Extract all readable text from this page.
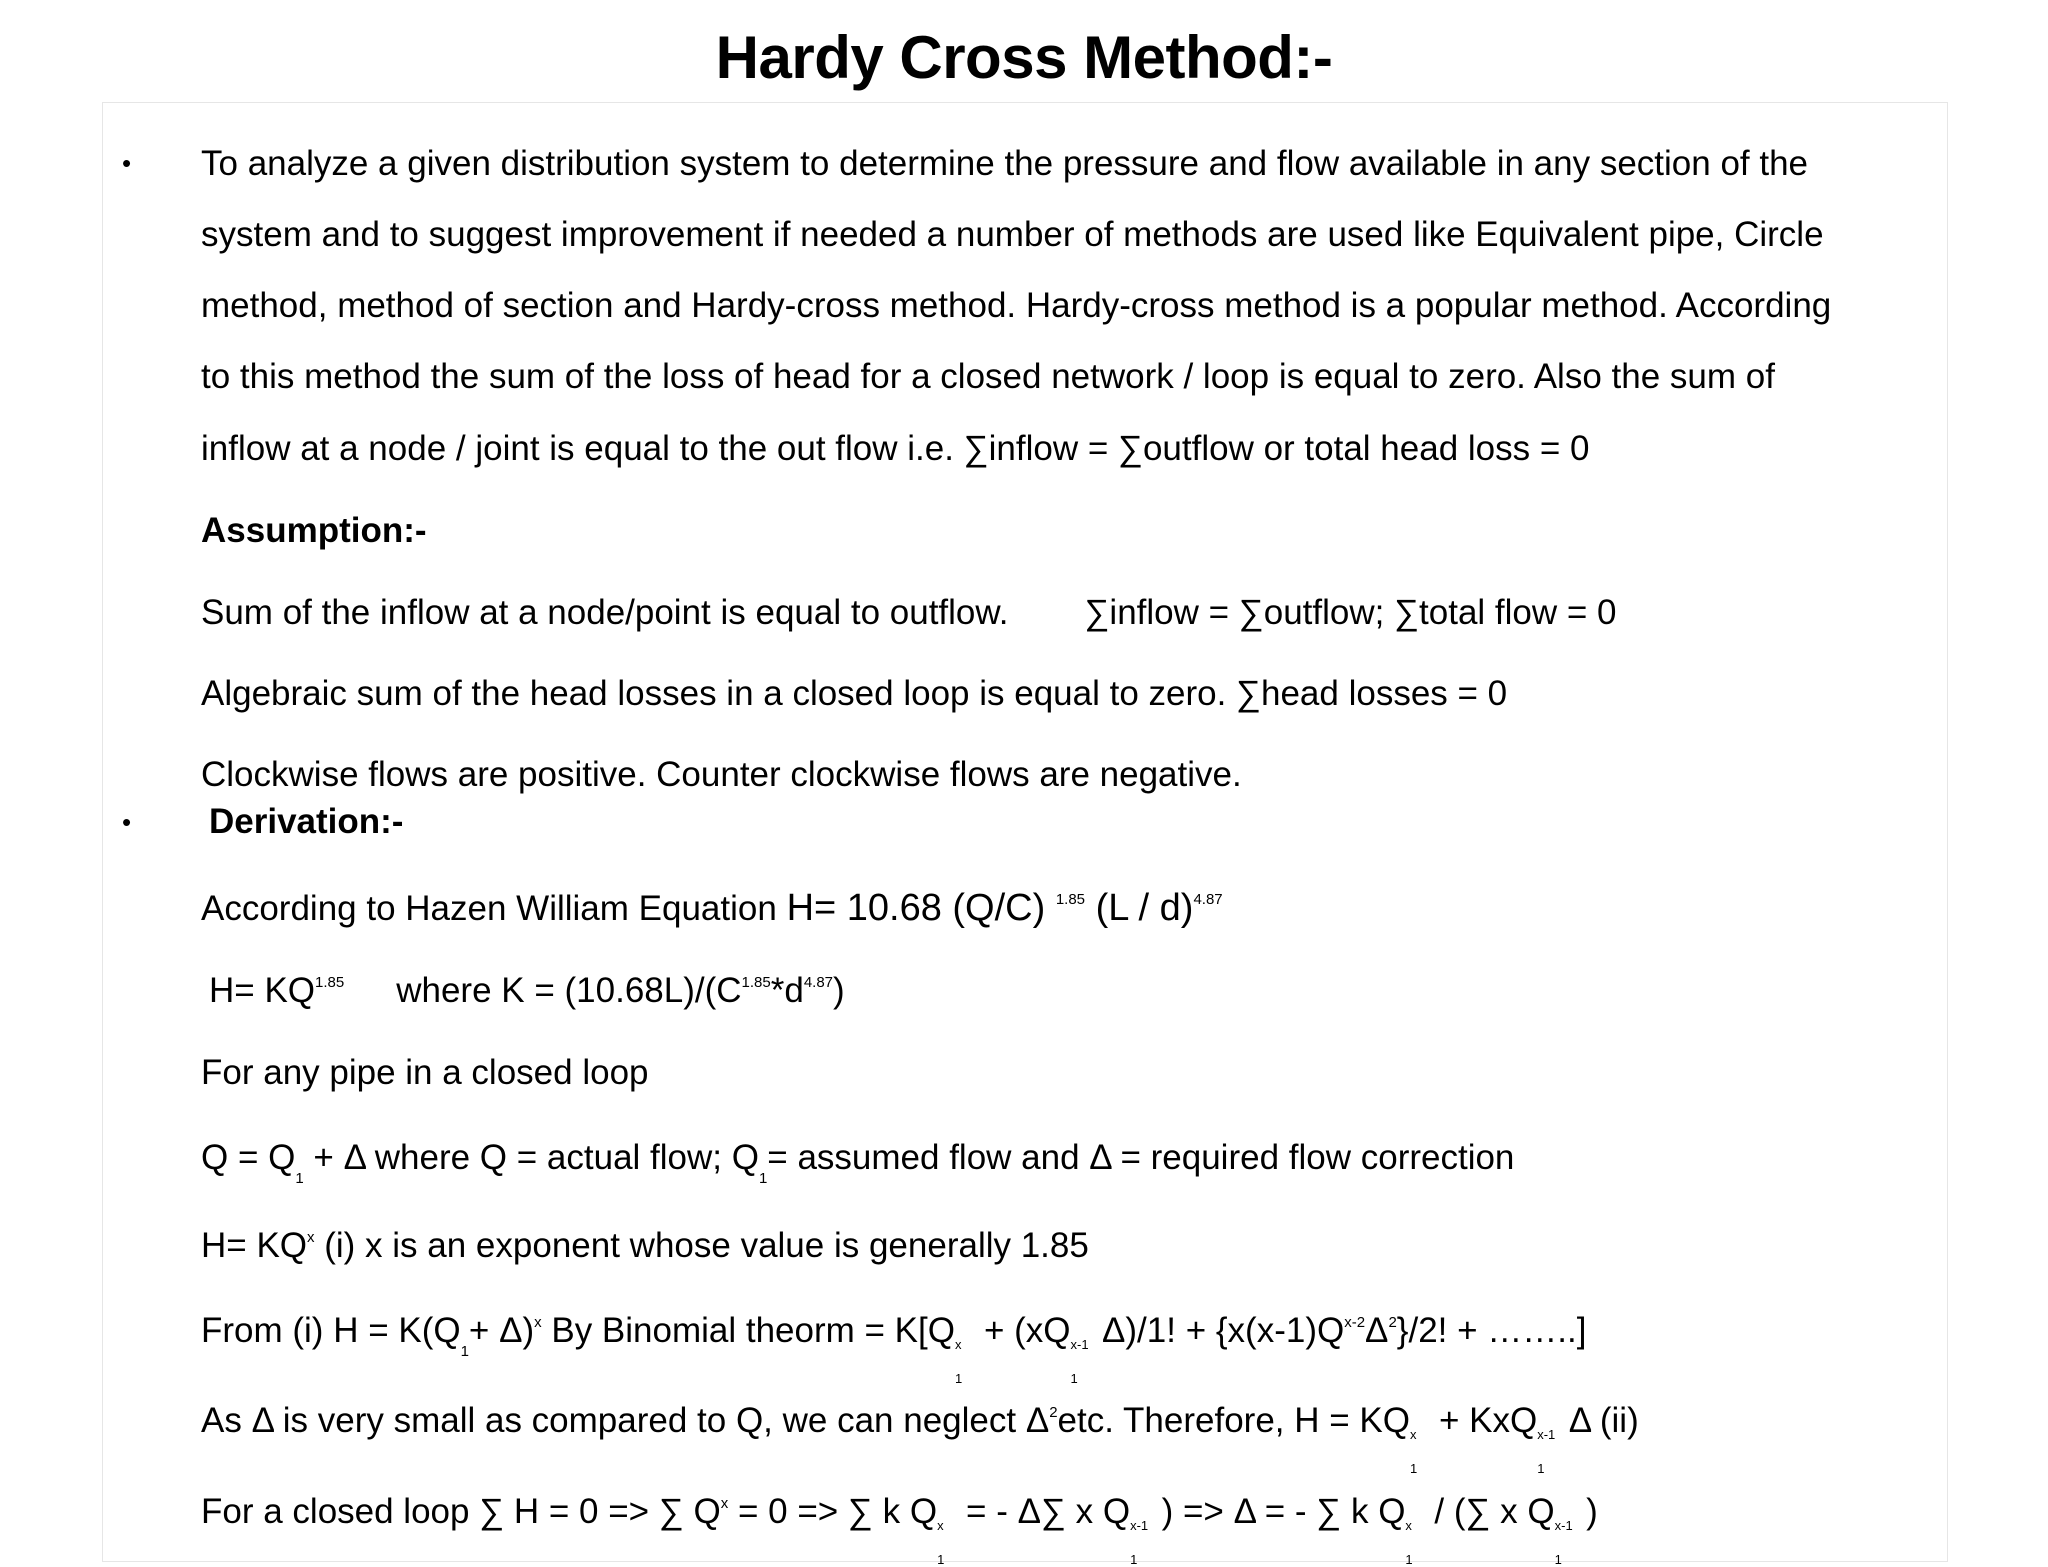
Hardy Cross Method:-
• To analyze a given distribution system to determine the pressure and flow available in any section of the
system and to suggest improvement if needed a number of methods are used like Equivalent pipe, Circle
method, method of section and Hardy-cross method. Hardy-cross method is a popular method. According
to this method the sum of the loss of head for a closed network / loop is equal to zero. Also the sum of
inflow at a node / joint is equal to the out flow i.e. ∑inflow = ∑outflow or total head loss = 0
Assumption:-
Sum of the inflow at a node/point is equal to outflow. ∑inflow = ∑outflow; ∑total flow = 0
Algebraic sum of the head losses in a closed loop is equal to zero. ∑head losses = 0
Clockwise flows are positive. Counter clockwise flows are negative.
• Derivation:-
According to Hazen William Equation H= 10.68 (Q/C) $^{1.85}$ (L / d)$^{4.87}$
$H= KQ^{1.85}$ where $K = (10.68L)/(C^{1.85}*d^{4.87})$
For any pipe in a closed loop
Q = Q1 + Δ where Q = actual flow; Q1= assumed flow and Δ = required flow correction
$H= KQ^x$ (i) x is an exponent whose value is generally 1.85
From (i) $H = K(Q1+ \Delta)^x$ By Binomial theorm = K[Q x
1
+ (xQ x-1
1
Δ)/1! + $\{x(x-1)Q^{x-2}\Delta^2\}/2$! + ……..]
As Δ is very small as compared to Q, we can neglect $\Delta^2etc$. Therefore, H = KQ x
1
+ KxQ x-1
1
Δ (ii)
For a closed loop ∑ H = 0 => ∑ $Q^x = 0$ => ∑ k Q x
1
= - Δ∑ x Q x-1
1
) => Δ = - ∑ k Q x
1
/ (∑ x Q x-1
1
)
